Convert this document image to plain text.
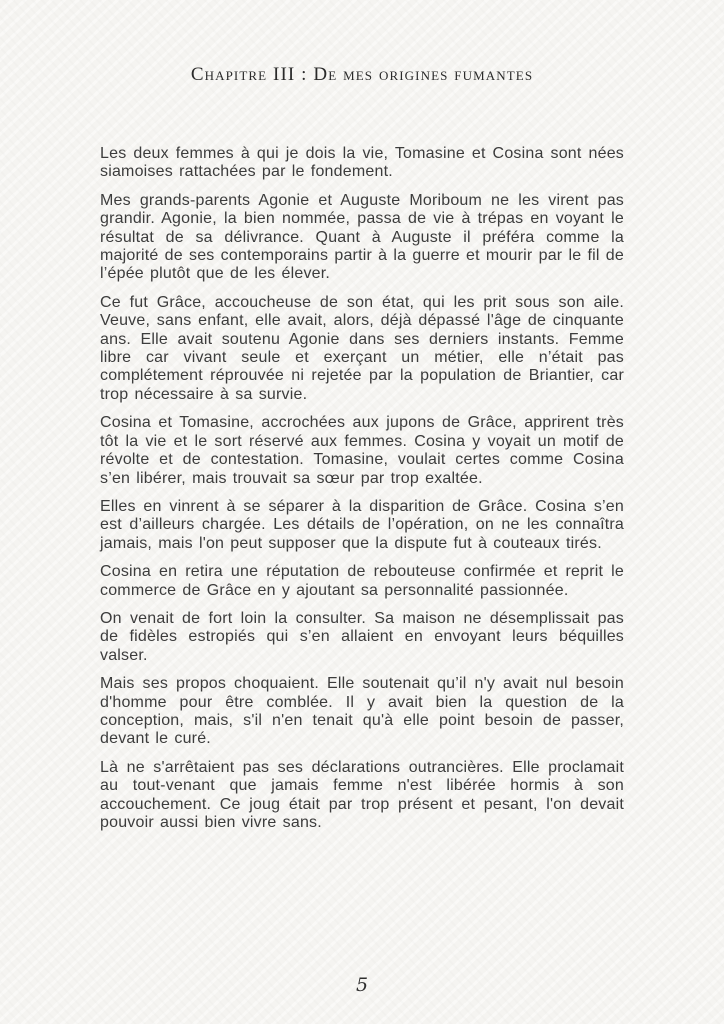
Chapitre III : De mes origines fumantes

Les deux femmes à qui je dois la vie, Tomasine et Cosina sont nées siamoises rattachées par le fondement.

Mes grands-parents Agonie et Auguste Moriboum ne les virent pas grandir. Agonie, la bien nommée, passa de vie à trépas en voyant le résultat de sa délivrance. Quant à Auguste il préféra comme la majorité de ses contemporains partir à la guerre et mourir par le fil de l’épée plutôt que de les élever.

Ce fut Grâce, accoucheuse de son état, qui les prit sous son aile. Veuve, sans enfant, elle avait, alors, déjà dépassé l'âge de cinquante ans. Elle avait soutenu Agonie dans ses derniers instants. Femme libre car vivant seule et exerçant un métier, elle n’était pas complétement réprouvée ni rejetée par la population de Briantier, car trop nécessaire à sa survie.

Cosina et Tomasine, accrochées aux jupons de Grâce, apprirent très tôt la vie et le sort réservé aux femmes. Cosina y voyait un motif de révolte et de contestation. Tomasine, voulait certes comme Cosina s’en libérer, mais trouvait sa sœur par trop exaltée.

Elles en vinrent à se séparer à la disparition de Grâce. Cosina s’en est d’ailleurs chargée. Les détails de l’opération, on ne les connaîtra jamais, mais l'on peut supposer que la dispute fut à couteaux tirés.

Cosina en retira une réputation de rebouteuse confirmée et reprit le commerce de Grâce en y ajoutant sa personnalité passionnée.

On venait de fort loin la consulter. Sa maison ne désemplissait pas de fidèles estropiés qui s’en allaient en envoyant leurs béquilles valser.

Mais ses propos choquaient. Elle soutenait qu’il n'y avait nul besoin d'homme pour être comblée. Il y avait bien la question de la conception, mais, s'il n'en tenait qu'à elle point besoin de passer, devant le curé.

Là ne s'arrêtaient pas ses déclarations outrancières. Elle proclamait au tout-venant que jamais femme n'est libérée hormis à son accouchement. Ce joug était par trop présent et pesant, l'on devait pouvoir aussi bien vivre sans.

5
